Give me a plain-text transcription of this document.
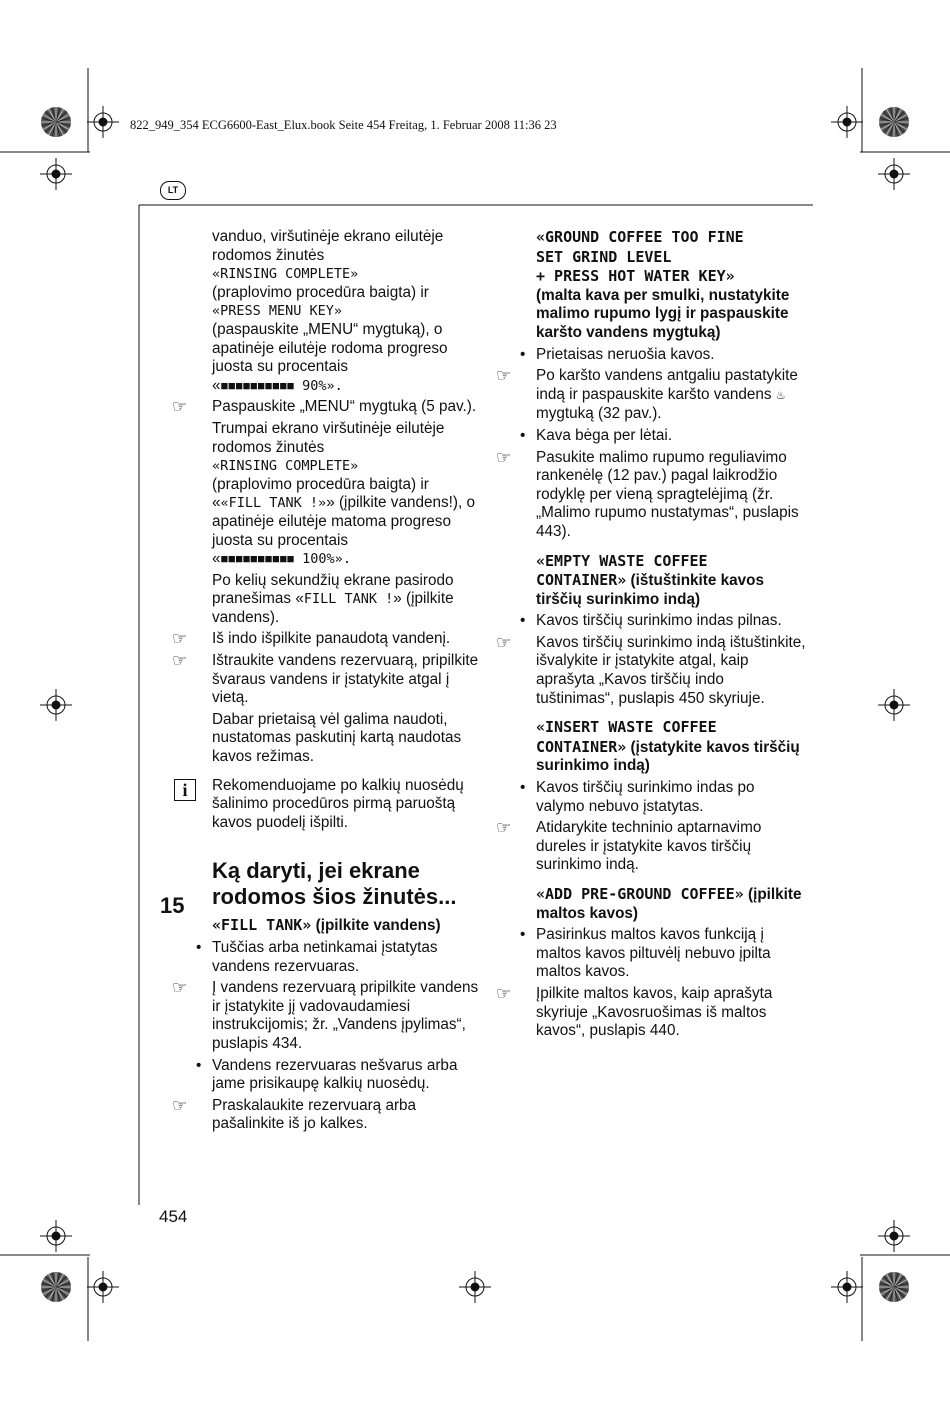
822_949_354 ECG6600-East_Elux.book Seite 454 Freitag, 1. Februar 2008 11:36 23
LT
vanduo, viršutinėje ekrano eilutėje rodomos žinutės
«RINSING COMPLETE»
(praplovimo procedūra baigta) ir
«PRESS MENU KEY»
(paspauskite „MENU“ mygtuką), o apatinėje eilutėje rodoma progreso juosta su procentais
«■■■■■■■■■■ 90%».
☞ Paspauskite „MENU“ mygtuką (5 pav.).
Trumpai ekrano viršutinėje eilutėje rodomos žinutės
«RINSING COMPLETE»
(praplovimo procedūra baigta) ir
««FILL TANK !»» (įpilkite vandens!), o apatinėje eilutėje matoma progreso juosta su procentais
«■■■■■■■■■■ 100%».
Po kelių sekundžių ekrane pasirodo pranešimas «FILL TANK !» (įpilkite vandens).
☞ Iš indo išpilkite panaudotą vandenį.
☞ Ištraukite vandens rezervuarą, pripilkite švaraus vandens ir įstatykite atgal į vietą.
Dabar prietaisą vėl galima naudoti, nustatomas paskutinį kartą naudotas kavos režimas.
i	Rekomenduojame po kalkių nuosėdų šalinimo procedūros pirmą paruoštą kavos puodelį išpilti.
Ką daryti, jei ekrane rodomos šios žinutės...
«FILL TANK» (įpilkite vandens)
• Tuščias arba netinkamai įstatytas vandens rezervuaras.
☞ Į vandens rezervuarą pripilkite vandens ir įstatykite jį vadovaudamiesi instrukcijomis; žr. „Vandens įpylimas“, puslapis 434.
• Vandens rezervuaras nešvarus arba jame prisikaupę kalkių nuosėdų.
☞ Praskalaukite rezervuarą arba pašalinkite iš jo kalkes.
15
«GROUND COFFEE TOO FINE
SET GRIND LEVEL
+ PRESS HOT WATER KEY»
(malta kava per smulki, nustatykite malimo rupumo lygį ir paspauskite karšto vandens mygtuką)
• Prietaisas neruošia kavos.
☞ Po karšto vandens antgaliu pastatykite indą ir paspauskite karšto vandens ♨ mygtuką (32 pav.).
• Kava bėga per lėtai.
☞ Pasukite malimo rupumo reguliavimo rankenėlę (12 pav.) pagal laikrodžio rodyklę per vieną spragtelėjimą (žr. „Malimo rupumo nustatymas“, puslapis 443).
«EMPTY WASTE COFFEE CONTAINER» (ištuštinkite kavos tirščių surinkimo indą)
• Kavos tirščių surinkimo indas pilnas.
☞ Kavos tirščių surinkimo indą ištuštinkite, išvalykite ir įstatykite atgal, kaip aprašyta „Kavos tirščių indo tuštinimas“, puslapis 450 skyriuje.
«INSERT WASTE COFFEE CONTAINER» (įstatykite kavos tirščių surinkimo indą)
• Kavos tirščių surinkimo indas po valymo nebuvo įstatytas.
☞ Atidarykite techninio aptarnavimo dureles ir įstatykite kavos tirščių surinkimo indą.
«ADD PRE-GROUND COFFEE» (įpilkite maltos kavos)
• Pasirinkus maltos kavos funkciją į maltos kavos piltuvėlį nebuvo įpilta maltos kavos.
☞ Įpilkite maltos kavos, kaip aprašyta skyriuje „Kavosruošimas iš maltos kavos“, puslapis 440.
454
